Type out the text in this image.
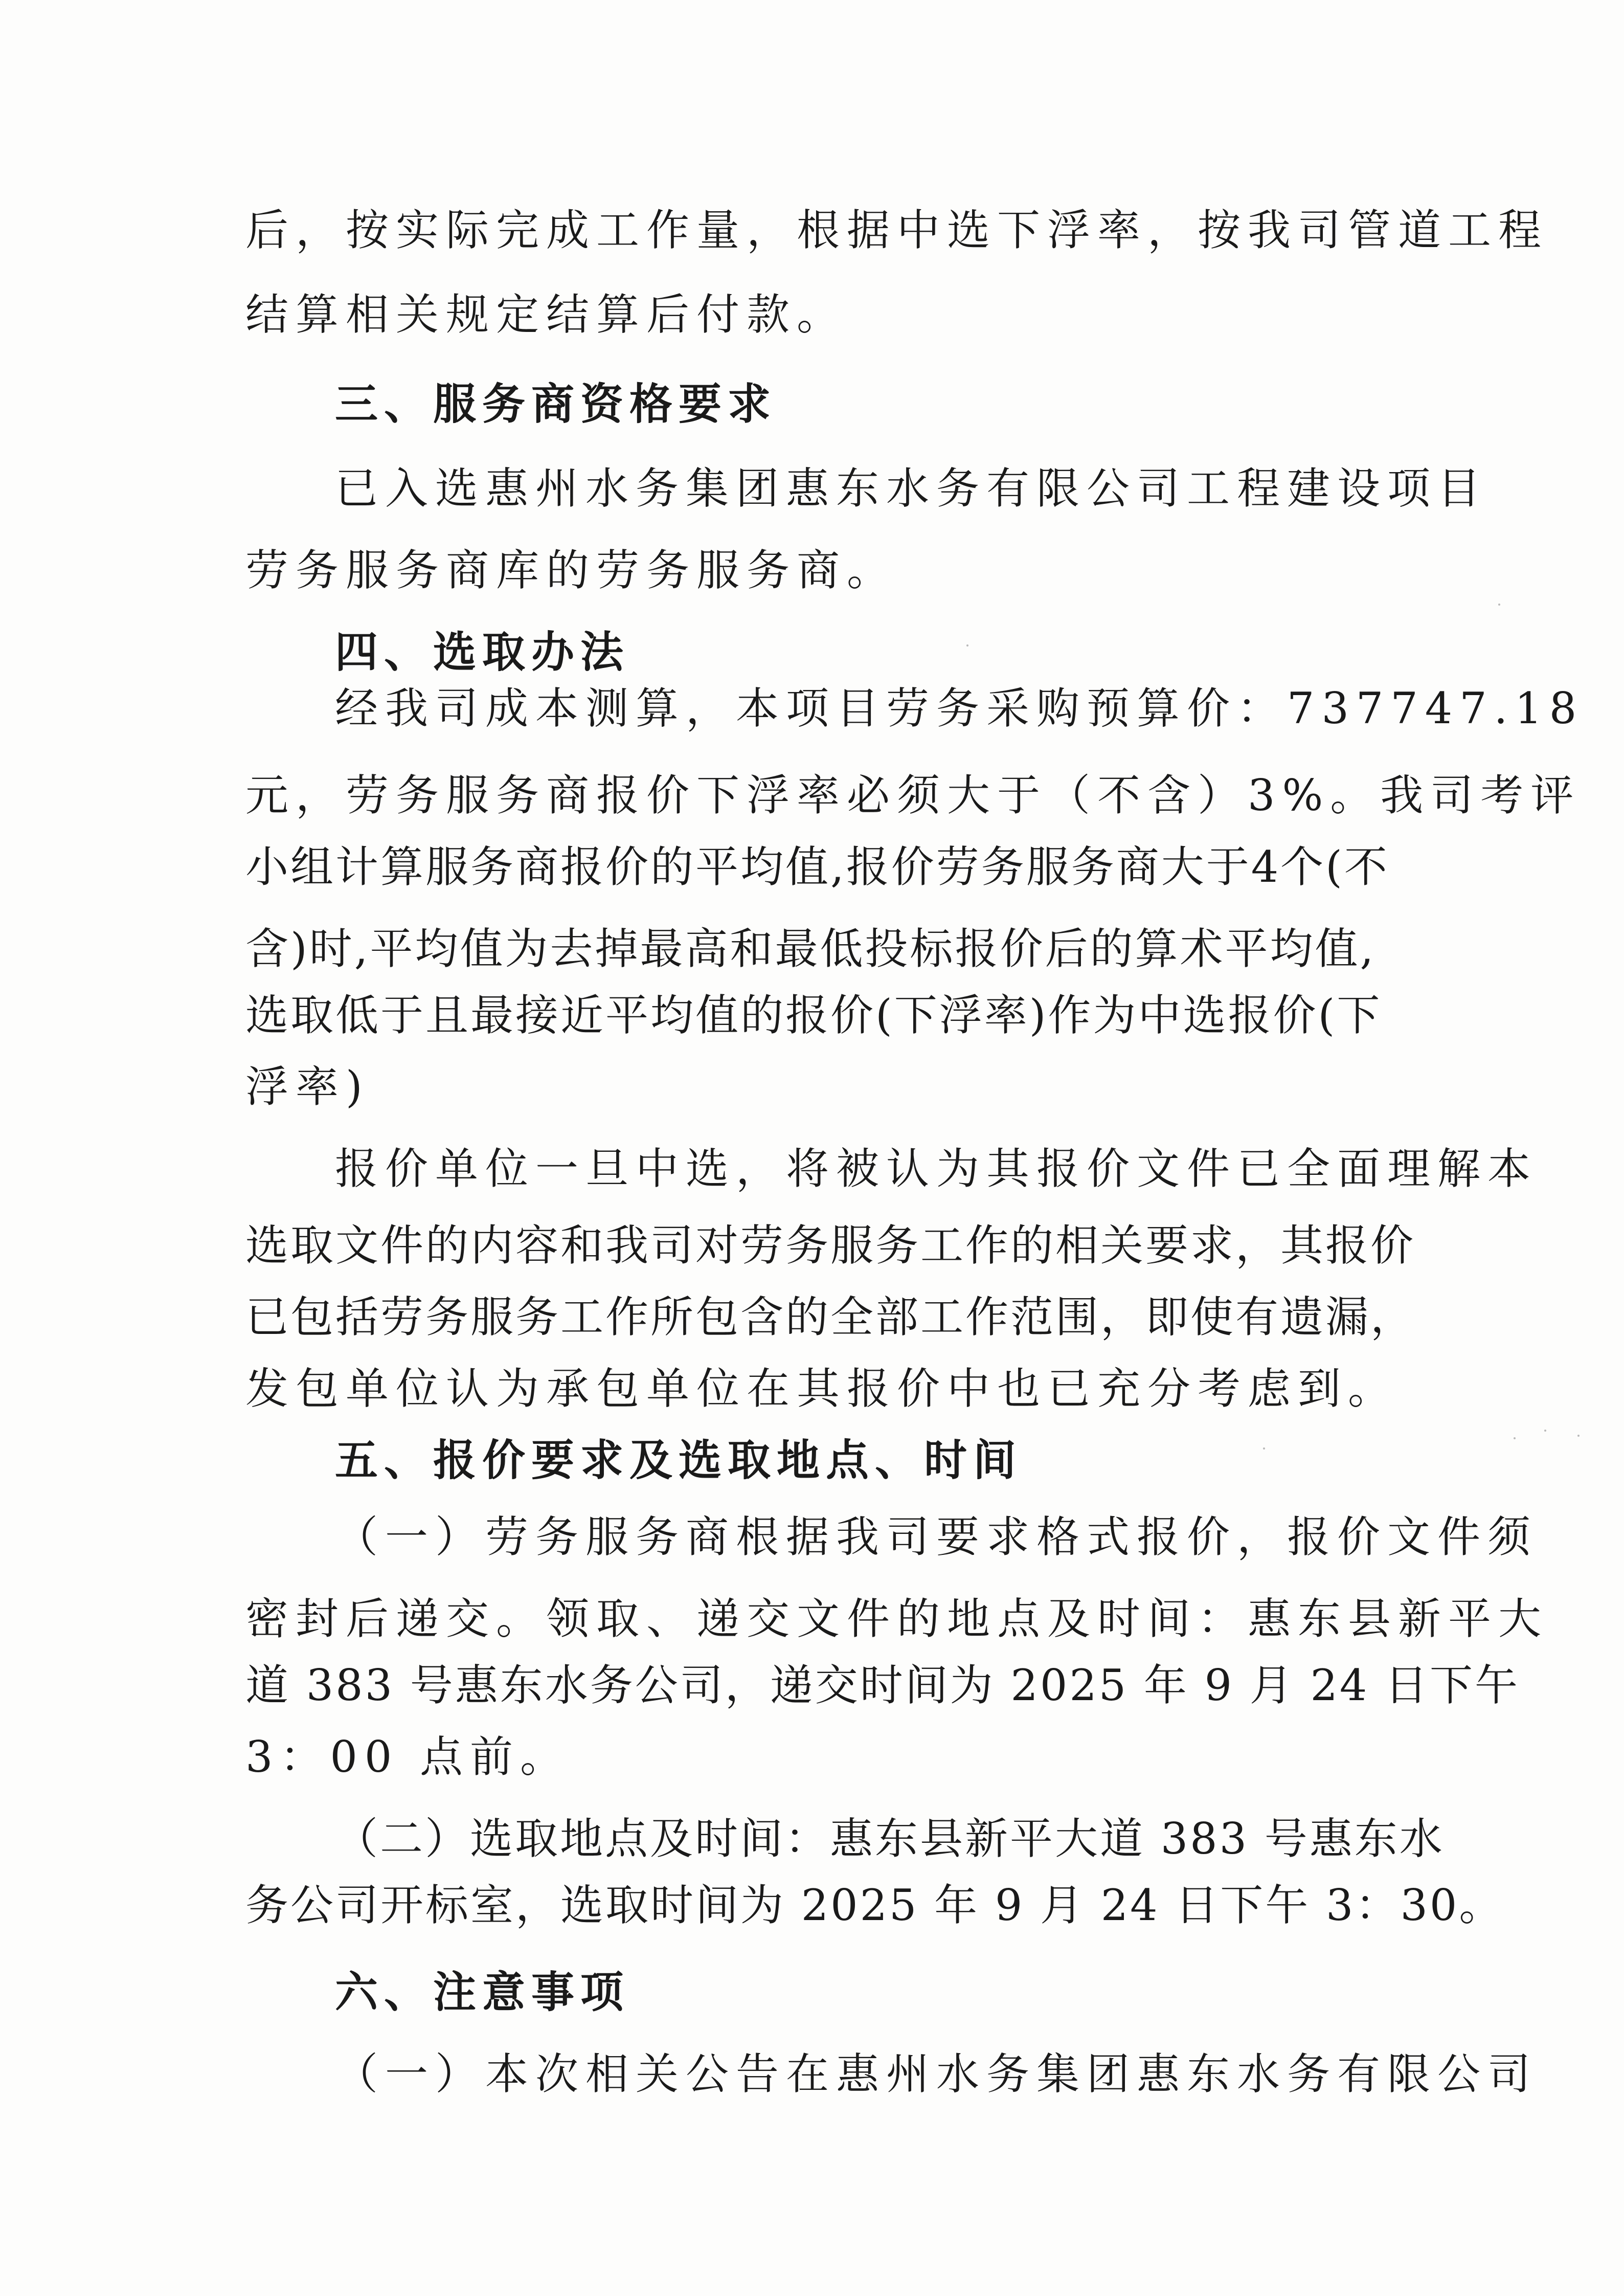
后，按实际完成工作量，根据中选下浮率，按我司管道工程
结算相关规定结算后付款。
三、服务商资格要求
已入选惠州水务集团惠东水务有限公司工程建设项目
劳务服务商库的劳务服务商。
四、选取办法
经我司成本测算，本项目劳务采购预算价：737747.18
元，劳务服务商报价下浮率必须大于（不含）3%。我司考评
小组计算服务商报价的平均值,报价劳务服务商大于4个(不
含)时,平均值为去掉最高和最低投标报价后的算术平均值,
选取低于且最接近平均值的报价(下浮率)作为中选报价(下
浮率)
报价单位一旦中选，将被认为其报价文件已全面理解本
选取文件的内容和我司对劳务服务工作的相关要求，其报价
已包括劳务服务工作所包含的全部工作范围，即使有遗漏，
发包单位认为承包单位在其报价中也已充分考虑到。
五、报价要求及选取地点、时间
（一）劳务服务商根据我司要求格式报价，报价文件须
密封后递交。领取、递交文件的地点及时间：惠东县新平大
道 383 号惠东水务公司，递交时间为 2025 年 9 月 24 日下午
3：00 点前。
（二）选取地点及时间：惠东县新平大道 383 号惠东水
务公司开标室，选取时间为 2025 年 9 月 24 日下午 3：30。
六、注意事项
（一）本次相关公告在惠州水务集团惠东水务有限公司
